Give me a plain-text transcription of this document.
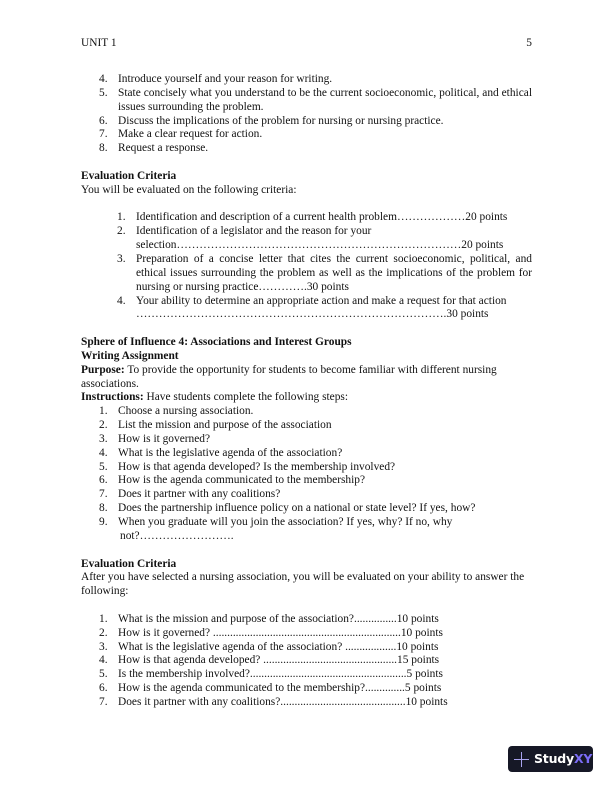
UNIT 1	5
4. Introduce yourself and your reason for writing.
5. State concisely what you understand to be the current socioeconomic, political, and ethical issues surrounding the problem.
6. Discuss the implications of the problem for nursing or nursing practice.
7. Make a clear request for action.
8. Request a response.
Evaluation Criteria
You will be evaluated on the following criteria:
1. Identification and description of a current health problem………………20 points
2. Identification of a legislator and the reason for your
selection…………………………………………………………………20 points
3. Preparation of a concise letter that cites the current socioeconomic, political, and ethical issues surrounding the problem as well as the implications of the problem for nursing or nursing practice………….30 points
4. Your ability to determine an appropriate action and make a request for that action
……………………………………………………………………….30 points
Sphere of Influence 4: Associations and Interest Groups
Writing Assignment
Purpose: To provide the opportunity for students to become familiar with different nursing associations.
Instructions: Have students complete the following steps:
1. Choose a nursing association.
2. List the mission and purpose of the association
3. How is it governed?
4. What is the legislative agenda of the association?
5. How is that agenda developed? Is the membership involved?
6. How is the agenda communicated to the membership?
7. Does it partner with any coalitions?
8. Does the partnership influence policy on a national or state level? If yes, how?
9. When you graduate will you join the association? If yes, why? If no, why
not?…………………….
Evaluation Criteria
After you have selected a nursing association, you will be evaluated on your ability to answer the following:
1. What is the mission and purpose of the association?...............10 points
2. How is it governed? ..................................................................10 points
3. What is the legislative agenda of the association? ..................10 points
4. How is that agenda developed? ...............................................15 points
5. Is the membership involved?.......................................................5 points
6. How is the agenda communicated to the membership?..............5 points
7. Does it partner with any coalitions?............................................10 points
Study XY
